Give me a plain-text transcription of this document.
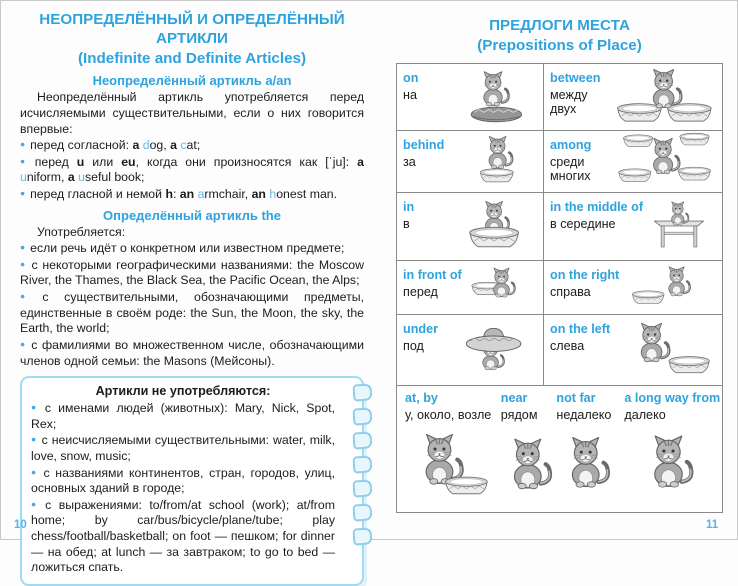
НЕОПРЕДЕЛЁННЫЙ И ОПРЕДЕЛЁННЫЙ
АРТИКЛИ
(Indefinite and Definite Articles)
Неопределённый артикль a/an

Неопределённый артикль употребляется перед исчисляемыми существительными, если о них говорится впервые:

● перед согласной: a dog, a cat;

● перед u или eu, когда они произносятся как [ˈju]: a uniform, a useful book;

● перед гласной и немой h: an armchair, an honest man.

Определённый артикль the

Употребляется:

● если речь идёт о конкретном или известном предмете;

● с некоторыми географическими названиями: the Moscow River, the Thames, the Black Sea, the Pacific Ocean, the Alps;

● с существительными, обозначающими предметы, единственные в своём роде: the Sun, the Moon, the sky, the Earth, the world;

● с фамилиями во множественном числе, обозначающими членов одной семьи: the Masons (Мейсоны).

Артикли не употребляются:

● с именами людей (животных): Mary, Nick, Spot, Rex;

● с неисчисляемыми существительными: water, milk, love, snow, music;

● с названиями континентов, стран, городов, улиц, основных зданий в городе;

● с выражениями: to/from/at school (work); at/from home; by car/bus/bicycle/plane/tube; play chess/football/basketball; on foot — пешком; for dinner — на обед; at lunch — за завтраком; to go to bed — ложиться спать.

ПРЕДЛОГИ МЕСТА
(Prepositions of Place)
on
на
between
между двух
behind
за
among
среди многих
in
в
in the middle of
в середине
in front of
перед
on the right
справа
under
под
on the left
слева
at, by
у, около, возле
near
рядом
not far
недалеко
a long way from
далеко
10	11
